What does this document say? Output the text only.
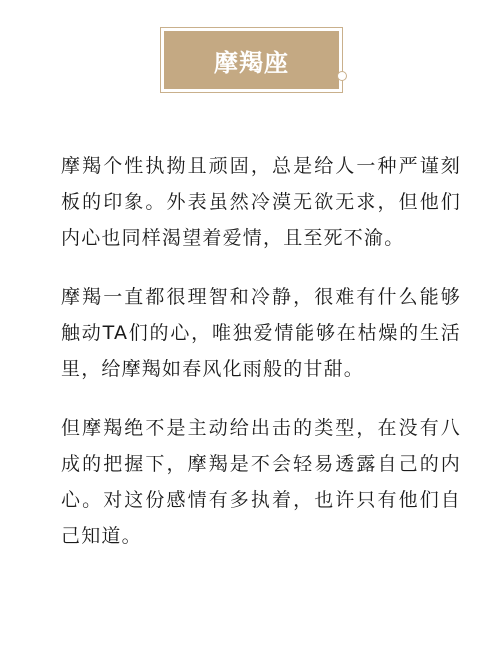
摩羯座

摩羯个性执拗且顽固，总是给人一种严谨刻板的印象。外表虽然冷漠无欲无求，但他们内心也同样渴望着爱情，且至死不渝。

摩羯一直都很理智和冷静，很难有什么能够触动TA们的心，唯独爱情能够在枯燥的生活里，给摩羯如春风化雨般的甘甜。

但摩羯绝不是主动给出击的类型，在没有八成的把握下，摩羯是不会轻易透露自己的内心。对这份感情有多执着，也许只有他们自己知道。
